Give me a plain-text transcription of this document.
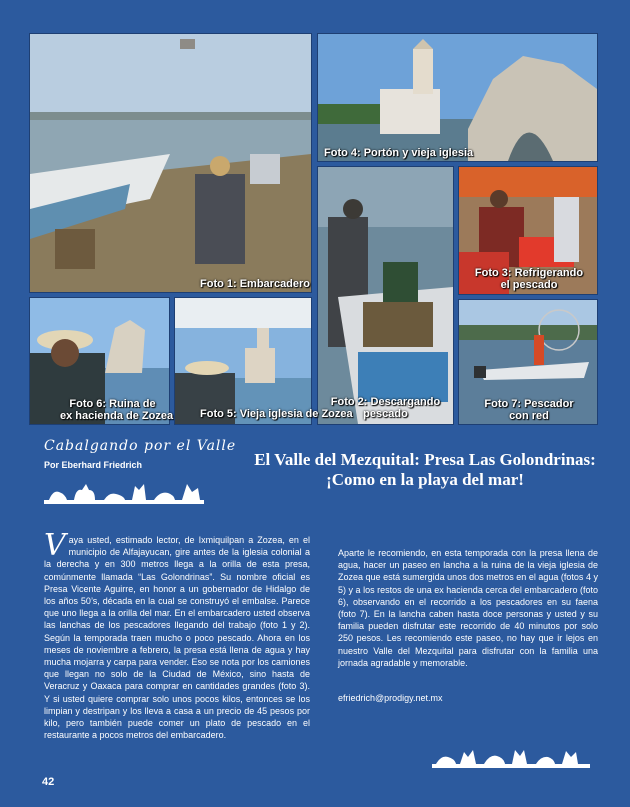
Foto 1: Embarcadero
Foto 4: Portón y vieja iglesia
Foto 2: Descargando
pescado
Foto 3: Refrigerando
el pescado
Foto 6: Ruina de
ex hacienda de Zozea Foto 5: Vieja iglesia de Zozea
Foto 7: Pescador
con red
Cabalgando por el Valle
Por Eberhard Friedrich	El Valle del Mezquital: Presa Las Golondrinas:
¡Como en la playa del mar!
Vaya usted, estimado lector, de Ixmiquilpan a Zozea, en el municipio de Alfajayucan, gire antes de la iglesia colonial a la derecha y en 300 metros llega a la orilla de esta presa, comúnmente llamada “Las Golondrinas”. Su nombre oficial es Presa Vicente Aguirre, en honor a un gobernador de Hidalgo de los años 50’s, década en la cual se construyó el embalse. Parece que uno llega a la orilla del mar. En el embarcadero usted observa las lanchas de los pescadores llegando del trabajo (foto 1 y 2). Según la temporada traen mucho o poco pescado. Ahora en los meses de noviembre a febrero, la presa está llena de agua y hay mucha mojarra y carpa para vender. Eso se nota por los camiones que llegan no solo de la Ciudad de México, sino hasta de Veracruz y Oaxaca para comprar en cantidades grandes (foto 3). Y si usted quiere comprar solo unos pocos kilos, entonces se los limpian y destripan y los lleva a casa a un precio de 45 pesos por kilo, pero también puede comer un plato de pescado en el restaurante a pocos metros del embarcadero.
Aparte le recomiendo, en esta temporada con la presa llena de agua, hacer un paseo en lancha a la ruina de la vieja iglesia de Zozea que está sumergida unos dos metros en el agua (fotos 4 y 5) y a los restos de una ex hacienda cerca del embarcadero (foto 6), observando en el recorrido a los pescadores en su faena (foto 7). En la lancha caben hasta doce personas y usted y su familia pueden disfrutar este recorrido de 40 minutos por solo 250 pesos. Les recomiendo este paseo, no hay que ir lejos en nuestro Valle del Mezquital para disfrutar con la familia una jornada agradable y memorable.
efriedrich@prodigy.net.mx
42
